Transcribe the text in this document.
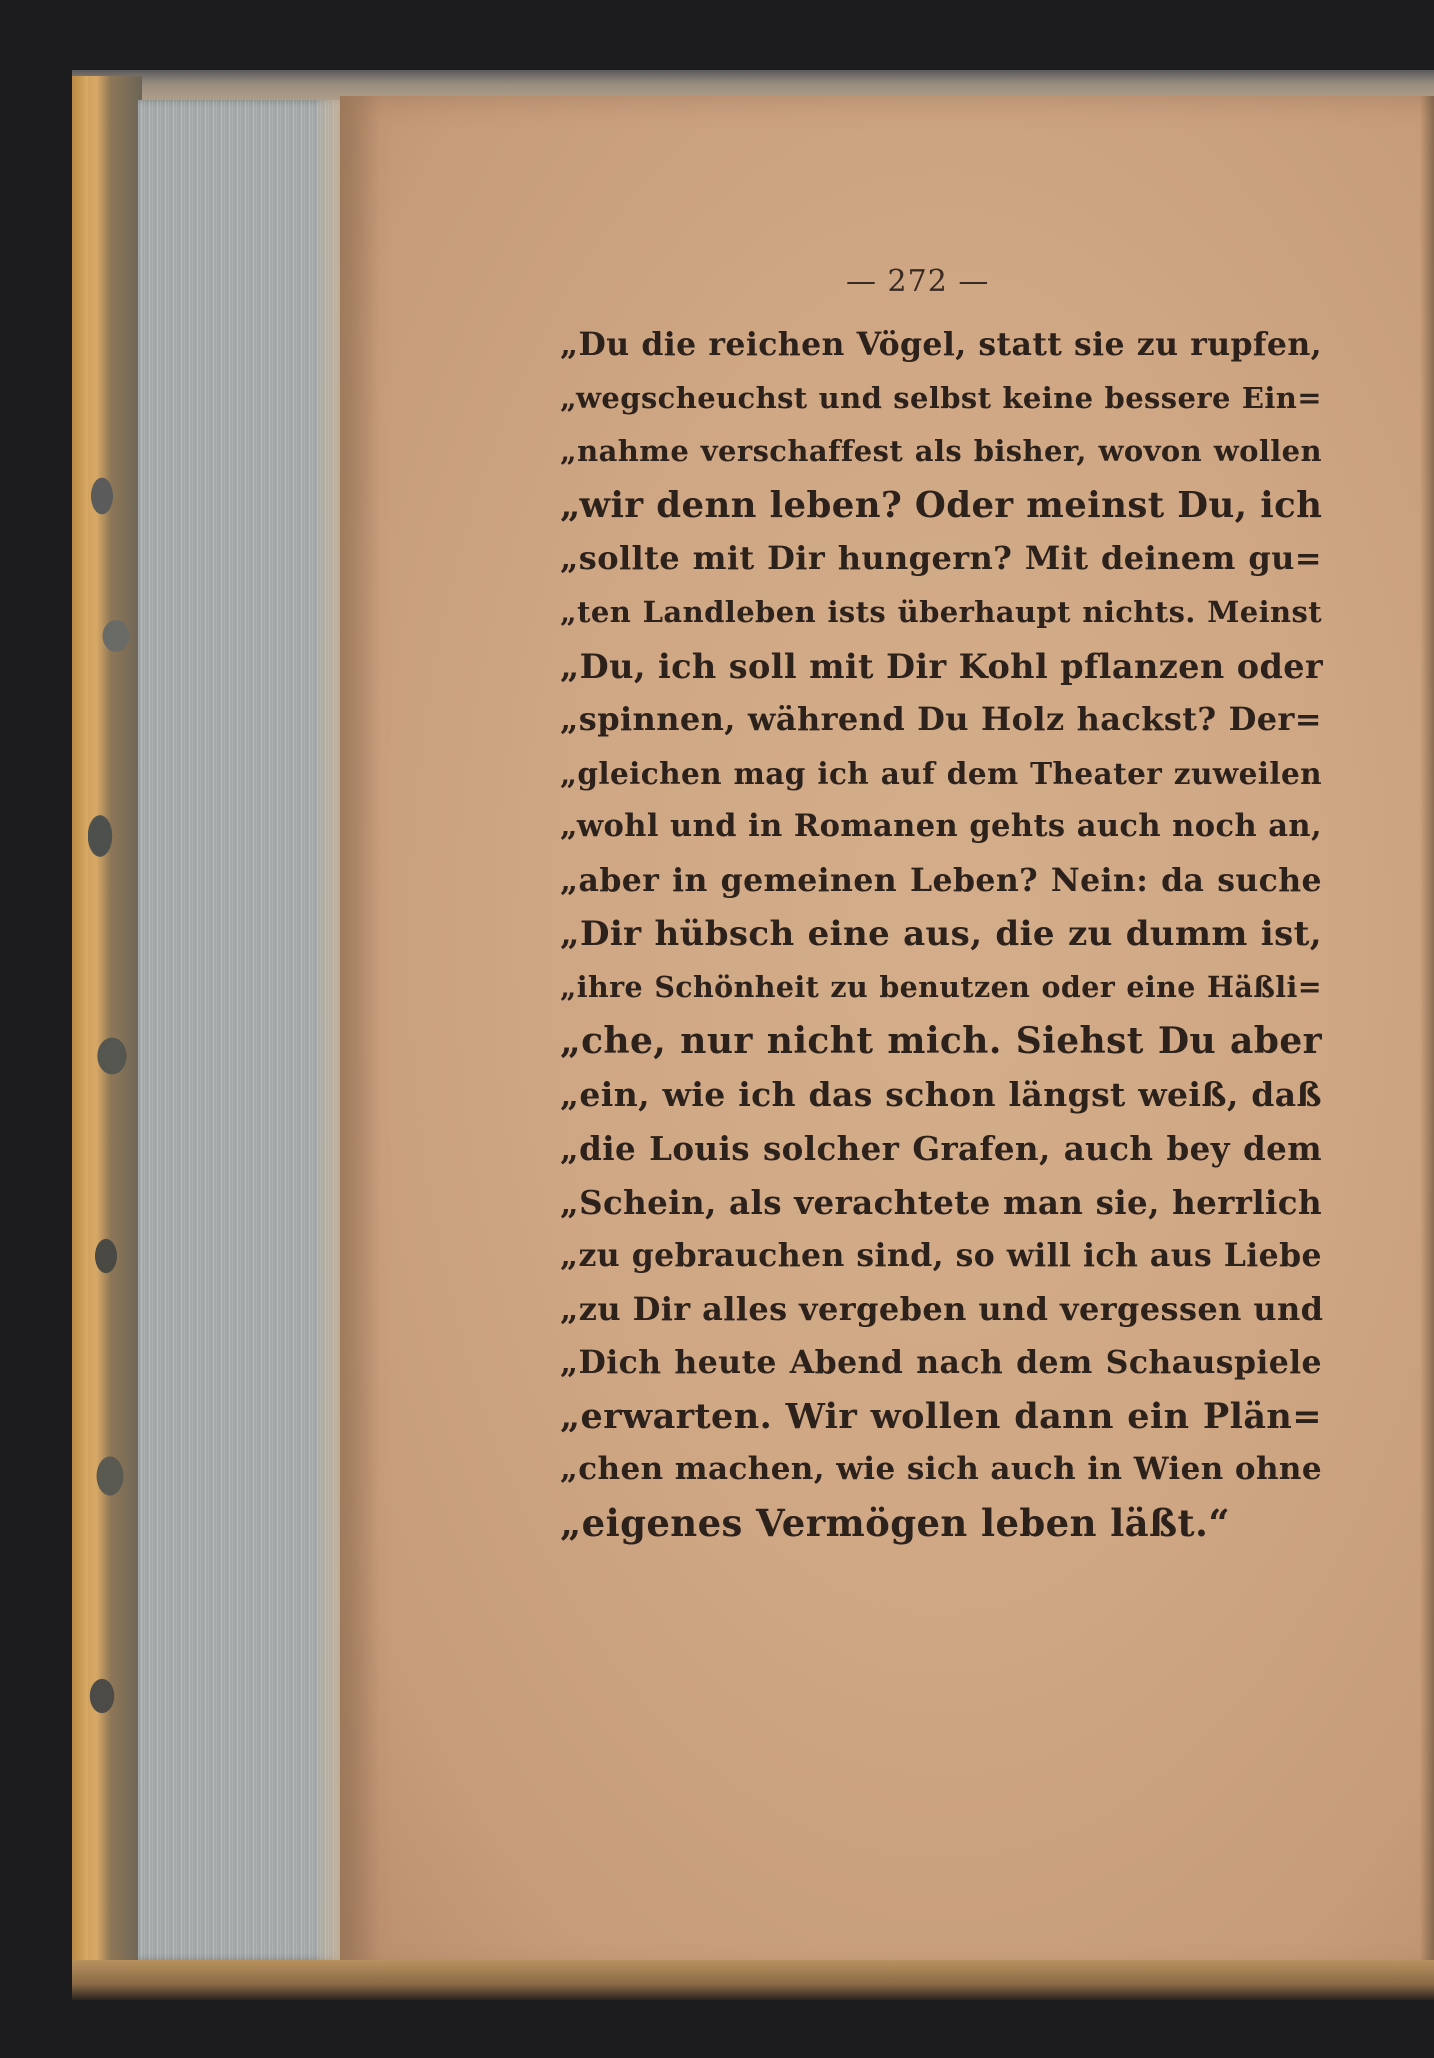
— 272 —
„Du die reichen Vögel, statt sie zu rupfen,
„wegscheuchst und selbst keine bessere Ein=
„nahme verschaffest als bisher, wovon wollen
„wir denn leben? Oder meinst Du, ich
„sollte mit Dir hungern? Mit deinem gu=
„ten Landleben ists überhaupt nichts. Meinst
„Du, ich soll mit Dir Kohl pflanzen oder
„spinnen, während Du Holz hackst? Der=
„gleichen mag ich auf dem Theater zuweilen
„wohl und in Romanen gehts auch noch an,
„aber in gemeinen Leben? Nein: da suche
„Dir hübsch eine aus, die zu dumm ist,
„ihre Schönheit zu benutzen oder eine Häßli=
„che, nur nicht mich. Siehst Du aber
„ein, wie ich das schon längst weiß, daß
„die Louis solcher Grafen, auch bey dem
„Schein, als verachtete man sie, herrlich
„zu gebrauchen sind, so will ich aus Liebe
„zu Dir alles vergeben und vergessen und
„Dich heute Abend nach dem Schauspiele
„erwarten. Wir wollen dann ein Plän=
„chen machen, wie sich auch in Wien ohne
„eigenes Vermögen leben läßt.“
